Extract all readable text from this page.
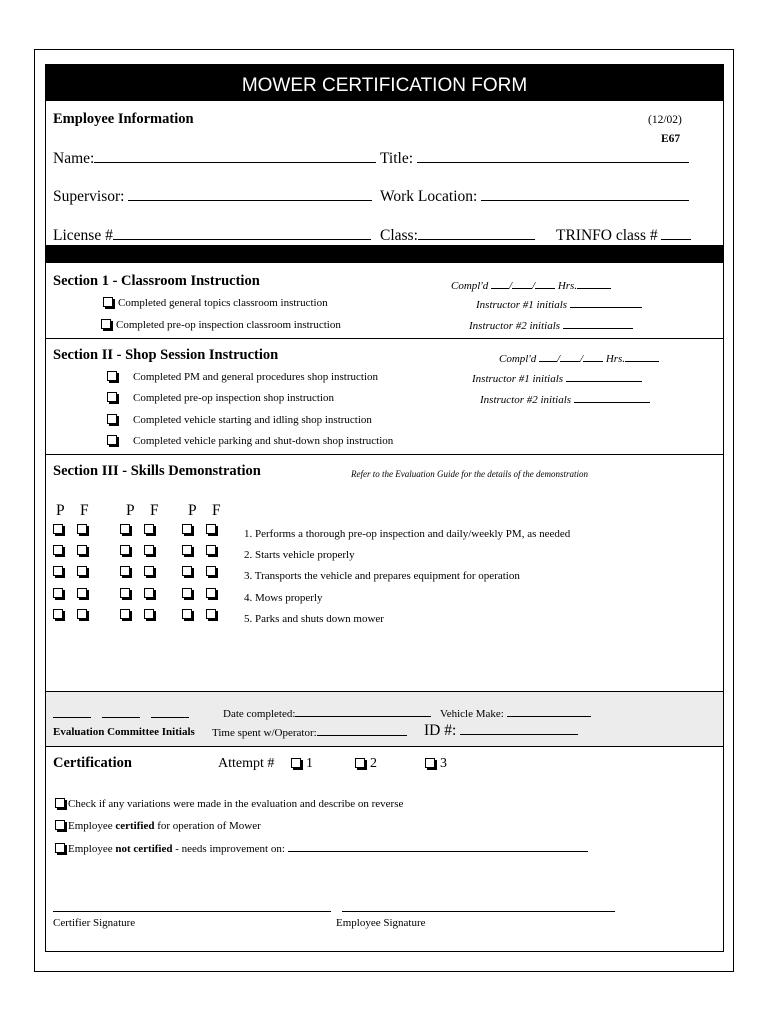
MOWER CERTIFICATION FORM
Employee Information	(12/02)
E67
Name:	Title:
Supervisor:	Work Location:
License #	Class:	TRINFO class #
Section 1 - Classroom Instruction	Compl'd / / Hrs.
Completed general topics classroom instruction
Completed pre-op inspection classroom instruction
Instructor #1 initials
Instructor #2 initials
Section II - Shop Session Instruction	Compl'd / / Hrs.
Completed PM and general procedures shop instruction
Completed pre-op inspection shop instruction
Completed vehicle starting and idling shop instruction
Completed vehicle parking and shut-down shop instruction
Instructor #1 initials
Instructor #2 initials
Section III - Skills Demonstration	Refer to the Evaluation Guide for the details of the demonstration
P F P F P F
1. Performs a thorough pre-op inspection and daily/weekly PM, as needed
2. Starts vehicle properly
3. Transports the vehicle and prepares equipment for operation
4. Mows properly
5. Parks and shuts down mower
Date completed:	Vehicle Make:
Evaluation Committee Initials Time spent w/Operator:	ID #:
Certification	Attempt #	1	2	3
Check if any variations were made in the evaluation and describe on reverse
Employee certified for operation of Mower
Employee not certified - needs improvement on:
Certifier Signature	Employee Signature
